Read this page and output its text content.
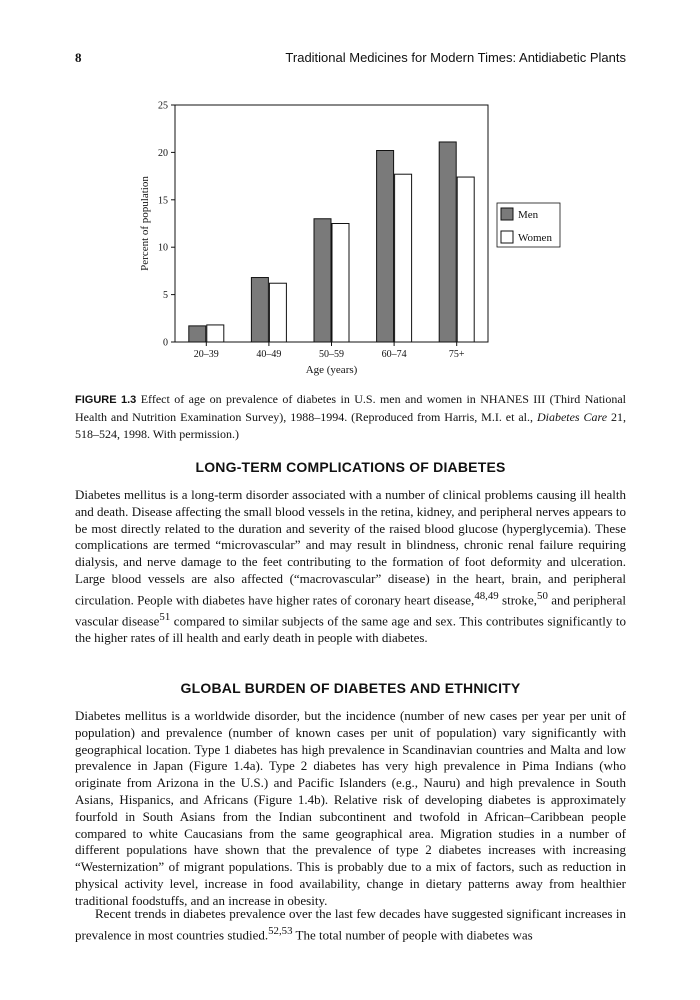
8	Traditional Medicines for Modern Times: Antidiabetic Plants
0
5
10
15
20
25
Percent of population
20–39	40–49	50–59	60–74	75+
Age (years)
Men
Women
FIGURE 1.3 Effect of age on prevalence of diabetes in U.S. men and women in NHANES III (Third National Health and Nutrition Examination Survey), 1988–1994. (Reproduced from Harris, M.I. et al., Diabetes Care 21, 518–524, 1998. With permission.)
LONG-TERM COMPLICATIONS OF DIABETES

Diabetes mellitus is a long-term disorder associated with a number of clinical problems causing ill health and death. Disease affecting the small blood vessels in the retina, kidney, and peripheral nerves appears to be most directly related to the duration and severity of the raised blood glucose (hyperglycemia). These complications are termed “microvascular” and may result in blindness, chronic renal failure requiring dialysis, and nerve damage to the feet contributing to the formation of foot deformity and ulceration. Large blood vessels are also affected (“macrovascular” disease) in the heart, brain, and peripheral circulation. People with diabetes have higher rates of coronary heart disease,$^{48,49}$ stroke,$^{50}$ and peripheral vascular disease$^{51}$ compared to similar subjects of the same age and sex. This contributes significantly to the higher rates of ill health and early death in people with diabetes.

GLOBAL BURDEN OF DIABETES AND ETHNICITY

Diabetes mellitus is a worldwide disorder, but the incidence (number of new cases per year per unit of population) and prevalence (number of known cases per unit of population) vary significantly with geographical location. Type 1 diabetes has high prevalence in Scandinavian countries and Malta and low prevalence in Japan (Figure 1.4a). Type 2 diabetes has very high prevalence in Pima Indians (who originate from Arizona in the U.S.) and Pacific Islanders (e.g., Nauru) and high prevalence in South Asians, Hispanics, and Africans (Figure 1.4b). Relative risk of developing diabetes is approximately fourfold in South Asians from the Indian subcontinent and twofold in African–Caribbean people compared to white Caucasians from the same geographical area. Migration studies in a number of different populations have shown that the prevalence of type 2 diabetes increases with increasing “Westernization” of migrant populations. This is probably due to a mix of factors, such as reduction in physical activity level, increase in food availability, change in dietary patterns away from healthier traditional foodstuffs, and an increase in obesity.

Recent trends in diabetes prevalence over the last few decades have suggested significant increases in prevalence in most countries studied.$^{52,53}$ The total number of people with diabetes was
